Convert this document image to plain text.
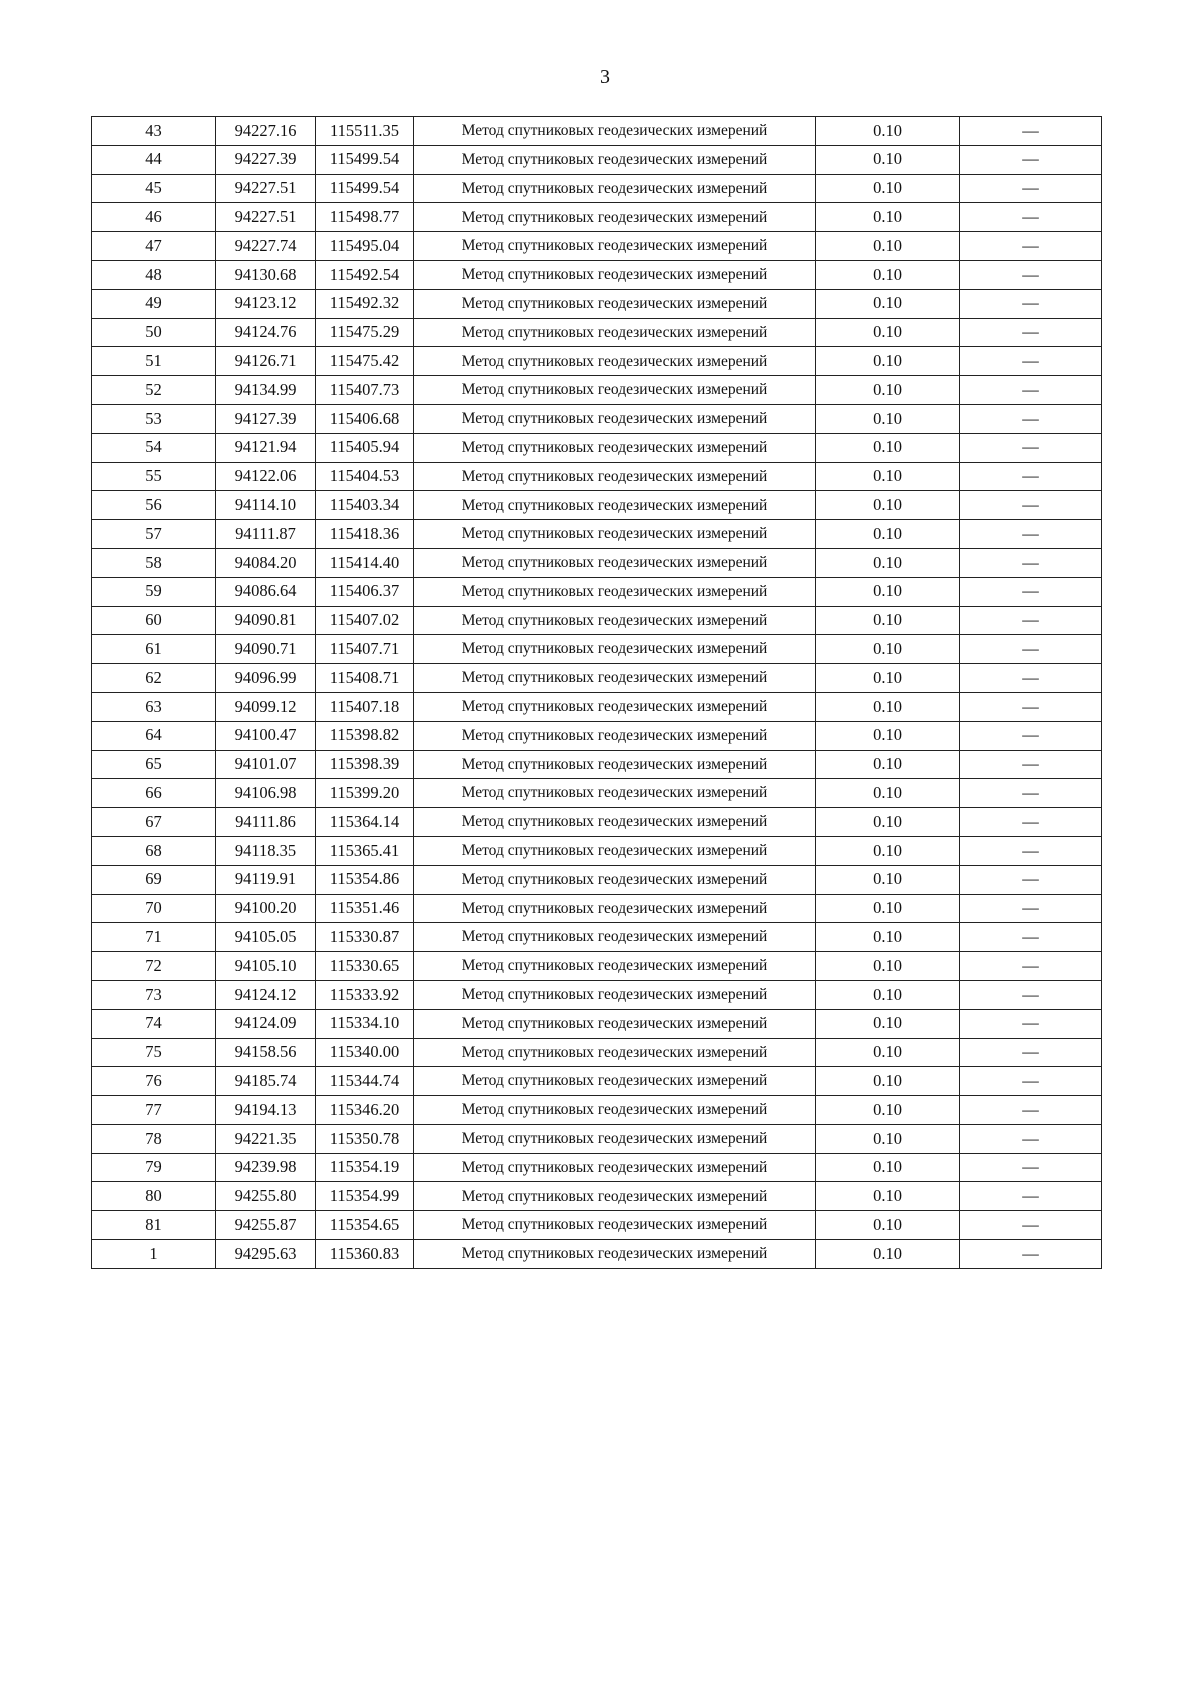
3
43	94227.16	115511.35	Метод спутниковых геодезических измерений	0.10	—
44	94227.39	115499.54	Метод спутниковых геодезических измерений	0.10	—
45	94227.51	115499.54	Метод спутниковых геодезических измерений	0.10	—
46	94227.51	115498.77	Метод спутниковых геодезических измерений	0.10	—
47	94227.74	115495.04	Метод спутниковых геодезических измерений	0.10	—
48	94130.68	115492.54	Метод спутниковых геодезических измерений	0.10	—
49	94123.12	115492.32	Метод спутниковых геодезических измерений	0.10	—
50	94124.76	115475.29	Метод спутниковых геодезических измерений	0.10	—
51	94126.71	115475.42	Метод спутниковых геодезических измерений	0.10	—
52	94134.99	115407.73	Метод спутниковых геодезических измерений	0.10	—
53	94127.39	115406.68	Метод спутниковых геодезических измерений	0.10	—
54	94121.94	115405.94	Метод спутниковых геодезических измерений	0.10	—
55	94122.06	115404.53	Метод спутниковых геодезических измерений	0.10	—
56	94114.10	115403.34	Метод спутниковых геодезических измерений	0.10	—
57	94111.87	115418.36	Метод спутниковых геодезических измерений	0.10	—
58	94084.20	115414.40	Метод спутниковых геодезических измерений	0.10	—
59	94086.64	115406.37	Метод спутниковых геодезических измерений	0.10	—
60	94090.81	115407.02	Метод спутниковых геодезических измерений	0.10	—
61	94090.71	115407.71	Метод спутниковых геодезических измерений	0.10	—
62	94096.99	115408.71	Метод спутниковых геодезических измерений	0.10	—
63	94099.12	115407.18	Метод спутниковых геодезических измерений	0.10	—
64	94100.47	115398.82	Метод спутниковых геодезических измерений	0.10	—
65	94101.07	115398.39	Метод спутниковых геодезических измерений	0.10	—
66	94106.98	115399.20	Метод спутниковых геодезических измерений	0.10	—
67	94111.86	115364.14	Метод спутниковых геодезических измерений	0.10	—
68	94118.35	115365.41	Метод спутниковых геодезических измерений	0.10	—
69	94119.91	115354.86	Метод спутниковых геодезических измерений	0.10	—
70	94100.20	115351.46	Метод спутниковых геодезических измерений	0.10	—
71	94105.05	115330.87	Метод спутниковых геодезических измерений	0.10	—
72	94105.10	115330.65	Метод спутниковых геодезических измерений	0.10	—
73	94124.12	115333.92	Метод спутниковых геодезических измерений	0.10	—
74	94124.09	115334.10	Метод спутниковых геодезических измерений	0.10	—
75	94158.56	115340.00	Метод спутниковых геодезических измерений	0.10	—
76	94185.74	115344.74	Метод спутниковых геодезических измерений	0.10	—
77	94194.13	115346.20	Метод спутниковых геодезических измерений	0.10	—
78	94221.35	115350.78	Метод спутниковых геодезических измерений	0.10	—
79	94239.98	115354.19	Метод спутниковых геодезических измерений	0.10	—
80	94255.80	115354.99	Метод спутниковых геодезических измерений	0.10	—
81	94255.87	115354.65	Метод спутниковых геодезических измерений	0.10	—
1	94295.63	115360.83	Метод спутниковых геодезических измерений	0.10	—
